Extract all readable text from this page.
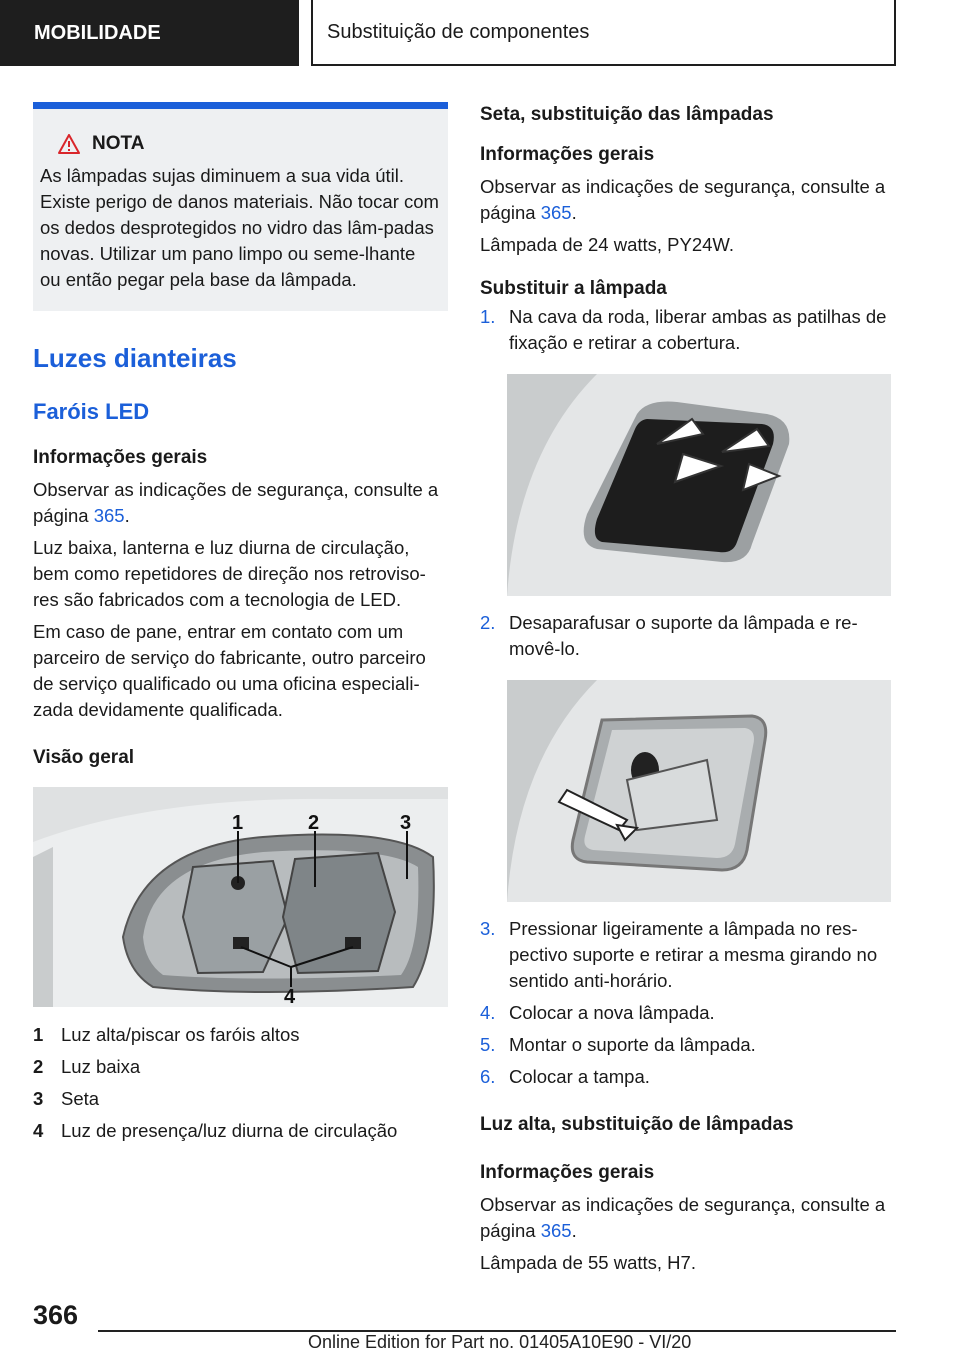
MOBILIDADE	Substituição de componentes
NOTA
As lâmpadas sujas diminuem a sua vida útil. Existe perigo de danos materiais. Não tocar com os dedos desprotegidos no vidro das lâm-padas novas. Utilizar um pano limpo ou seme-lhante ou então pegar pela base da lâmpada.
Luzes dianteiras
Faróis LED
Informações gerais

Observar as indicações de segurança, consulte a página 365.

Luz baixa, lanterna e luz diurna de circulação, bem como repetidores de direção nos retroviso-res são fabricados com a tecnologia de LED.

Em caso de pane, entrar em contato com um parceiro de serviço do fabricante, outro parceiro de serviço qualificado ou uma oficina especiali-zada devidamente qualificada.

Visão geral
1	2	3
4
1 Luz alta/piscar os faróis altos
2 Luz baixa
3 Seta
4 Luz de presença/luz diurna de circulação
Seta, substituição das lâmpadas
Informações gerais

Observar as indicações de segurança, consulte a página 365.

Lâmpada de 24 watts, PY24W.

Substituir a lâmpada
1. Na cava da roda, liberar ambas as patilhas de fixação e retirar a cobertura.
2. Desaparafusar o suporte da lâmpada e re-movê-lo.
3. Pressionar ligeiramente a lâmpada no res-pectivo suporte e retirar a mesma girando no sentido anti-horário.
4. Colocar a nova lâmpada.
5. Montar o suporte da lâmpada.
6. Colocar a tampa.
Luz alta, substituição de lâmpadas
Informações gerais

Observar as indicações de segurança, consulte a página 365.

Lâmpada de 55 watts, H7.

366
Online Edition for Part no. 01405A10E90 - VI/20
